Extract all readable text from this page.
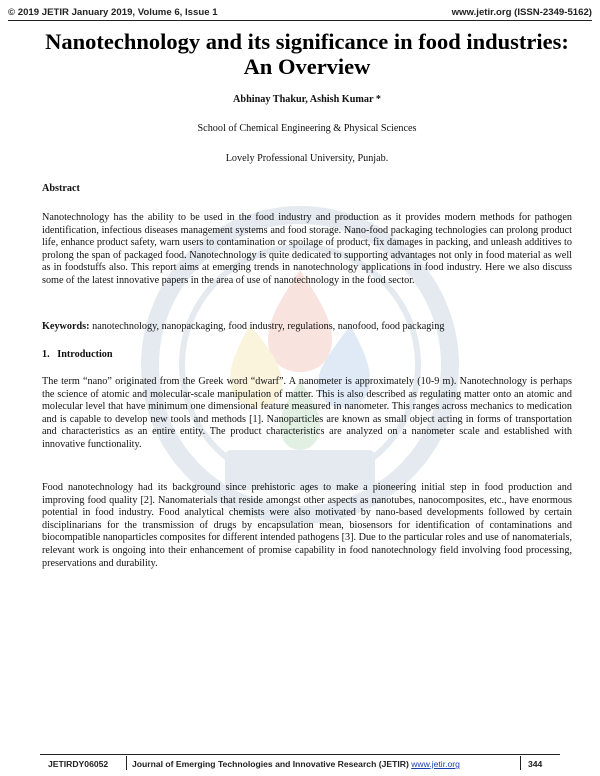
© 2019 JETIR January 2019, Volume 6, Issue 1	www.jetir.org (ISSN-2349-5162)
Nanotechnology and its significance in food industries: An Overview
Abhinay Thakur, Ashish Kumar *
School of Chemical Engineering & Physical Sciences
Lovely Professional University, Punjab.
Abstract

Nanotechnology has the ability to be used in the food industry and production as it provides modern methods for pathogen identification, infectious diseases management systems and food storage. Nano-food packaging technologies can prolong product life, enhance product safety, warn users to contamination or spoilage of product, fix damages in packing, and unleash additives to prolong the span of packaged food. Nanotechnology is quite dedicated to supporting advantages not only in food material as well as in foodstuffs also. This report aims at emerging trends in nanotechnology applications in food industry. Here we also discuss some of the latest innovative papers in the area of use of nanotechnology in the food sector.

Keywords: nanotechnology, nanopackaging, food industry, regulations, nanofood, food packaging
1.   Introduction

The term “nano” originated from the Greek word “dwarf”. A nanometer is approximately (10-9 m). Nanotechnology is perhaps the science of atomic and molecular-scale manipulation of matter. This is also described as regulating matter onto an atomic and molecular level that have minimum one dimensional feature measured in nanometer. This ranges across mechanics to medication and is capable to develop new tools and methods [1]. Nanoparticles are known as small object acting in forms of transportation and characteristics as an entire entity. The product characteristics are analyzed on a nanometer scale and established with innovative functionality.

Food nanotechnology had its background since prehistoric ages to make a pioneering initial step in food production and improving food quality [2]. Nanomaterials that reside amongst other aspects as nanotubes, nanocomposites, etc., have enormous potential in food industry. Food analytical chemists were also motivated by nano-based developments followed by certain disciplinarians for the transmission of drugs by encapsulation mean, biosensors for identification of contaminations and biocompatible nanoparticles composites for different intended pathogens [3]. Due to the particular roles and use of nanomaterials, relevant work is ongoing into their enhancement of promise capability in food nanotechnology field involving food processing, preservations and durability.

JETIRDY06052	Journal of Emerging Technologies and Innovative Research (JETIR) www.jetir.org	344
